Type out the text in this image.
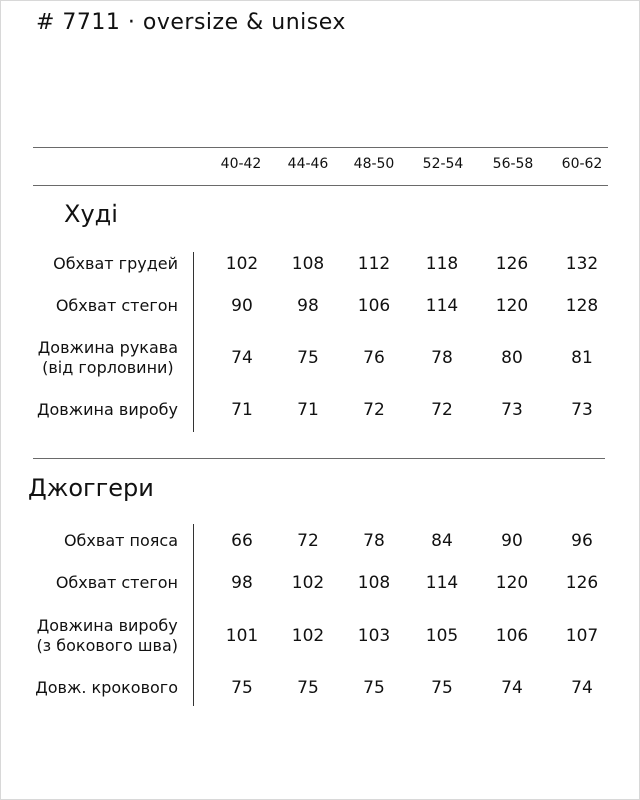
# 7711 · oversize & unisex
40-42 44-46 48-50 52-54 56-58 60-62
Худі
Обхват грудей	102 108 112 118 126 132
Обхват стегон	90	98 106 114 120 128
Довжина рукава
(від горловини)	74	75	76	78	80	81
Довжина виробу	71	71	72	72	73	73
Джоггери
Обхват пояса	66	72	78	84	90	96
Обхват стегон	98 102 108 114 120 126
Довжина виробу
(з бокового шва)	101 102 103 105 106 107
Довж. крокового	75	75	75	75	74	74
